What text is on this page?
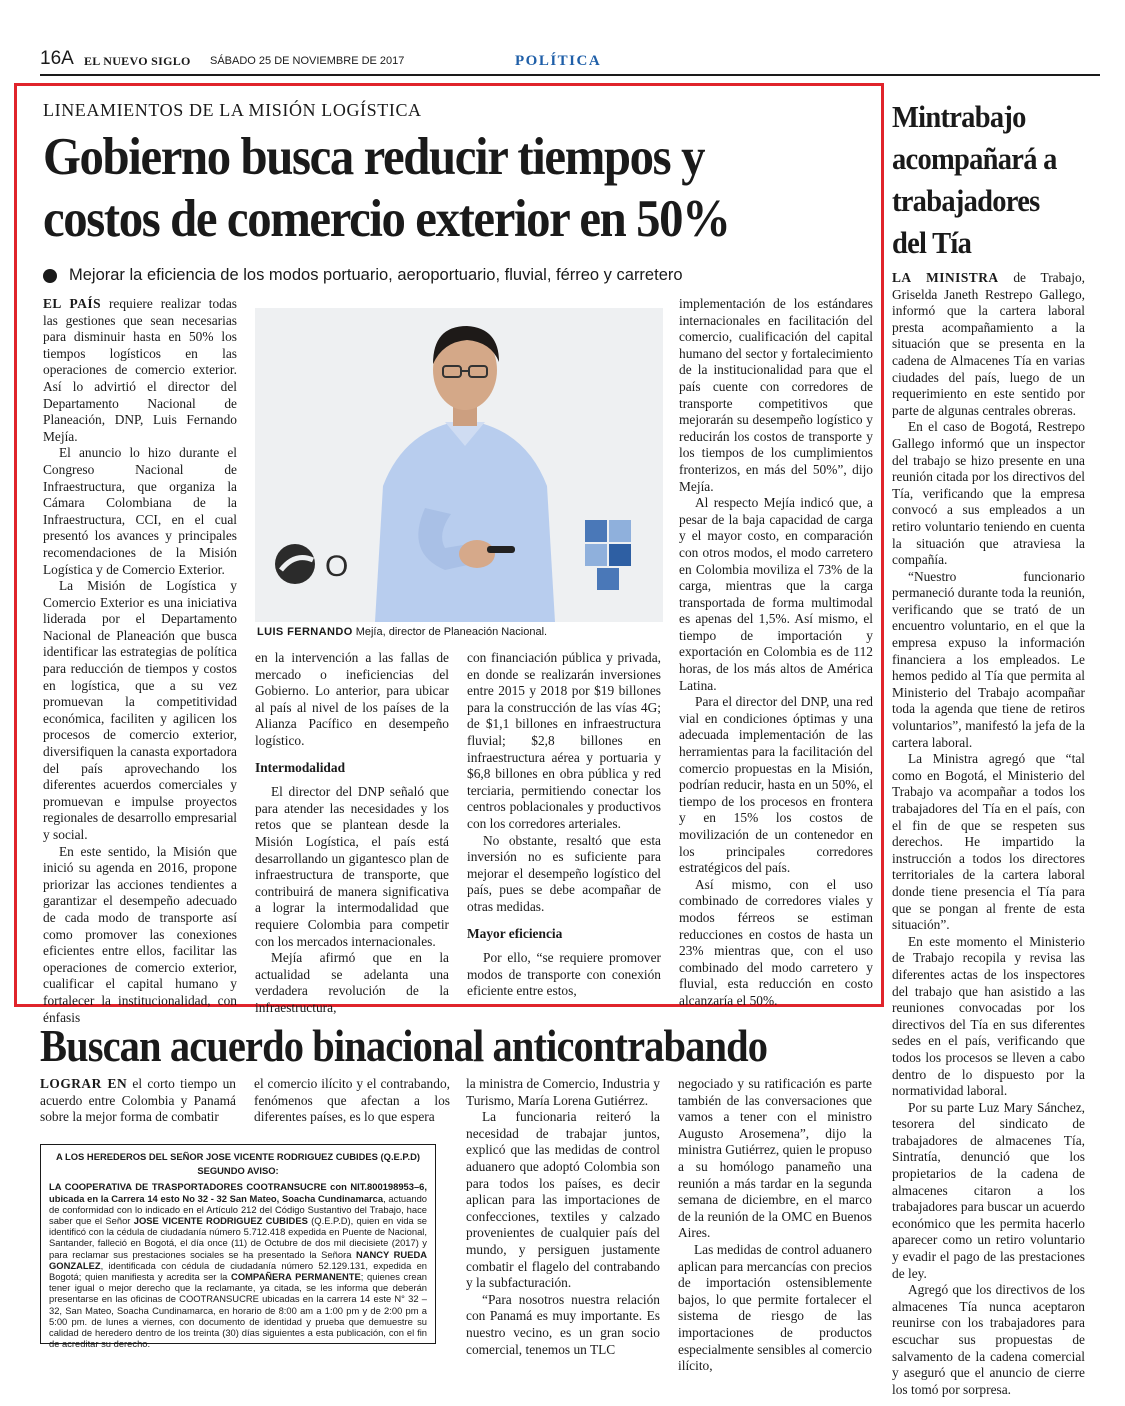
16A EL NUEVO SIGLO SÁBADO 25 DE NOVIEMBRE DE 2017	POLÍTICA
LINEAMIENTOS DE LA MISIÓN LOGÍSTICA
Gobierno busca reducir tiempos y
costos de comercio exterior en 50%
Mejorar la eficiencia de los modos portuario, aeroportuario, fluvial, férreo y carretero

EL PAÍS requiere realizar todas las gestiones que sean necesarias para disminuir hasta en 50% los tiempos logísticos en las operaciones de comercio exterior. Así lo advirtió el director del Departamento Nacional de Planeación, DNP, Luis Fernando Mejía.

El anuncio lo hizo durante el Congreso Nacional de Infraestructura, que organiza la Cámara Colombiana de la Infraestructura, CCI, en el cual presentó los avances y principales recomendaciones de la Misión Logística y de Comercio Exterior.

La Misión de Logística y Comercio Exterior es una iniciativa liderada por el Departamento Nacional de Planeación que busca identificar las estrategias de política para reducción de tiempos y costos en logística, que a su vez promuevan la competitividad económica, faciliten y agilicen los procesos de comercio exterior, diversifiquen la canasta exportadora del país aprovechando los diferentes acuerdos comerciales y promuevan e impulse proyectos regionales de desarrollo empresarial y social.

En este sentido, la Misión que inició su agenda en 2016, propone priorizar las acciones tendientes a garantizar el desempeño adecuado de cada modo de transporte así como promover las conexiones eficientes entre ellos, facilitar las operaciones de comercio exterior, cualificar el capital humano y fortalecer la institucionalidad, con énfasis

O
LUIS FERNANDO Mejía, director de Planeación Nacional.

en la intervención a las fallas de mercado o ineficiencias del Gobierno. Lo anterior, para ubicar al país al nivel de los países de la Alianza Pacífico en desempeño logístico.

Intermodalidad

El director del DNP señaló que para atender las necesidades y los retos que se plantean desde la Misión Logística, el país está desarrollando un gigantesco plan de infraestructura de transporte, que contribuirá de manera significativa a lograr la intermodalidad que requiere Colombia para competir con los mercados internacionales.

Mejía afirmó que en la actualidad se adelanta una verdadera revolución de la infraestructura,

con financiación pública y privada, en donde se realizarán inversiones entre 2015 y 2018 por $19 billones para la construcción de las vías 4G; de $1,1 billones en infraestructura fluvial; $2,8 billones en infraestructura aérea y portuaria y $6,8 billones en obra pública y red terciaria, permitiendo conectar los centros poblacionales y productivos con los corredores arteriales.

No obstante, resaltó que esta inversión no es suficiente para mejorar el desempeño logístico del país, pues se debe acompañar de otras medidas.

Mayor eficiencia

Por ello, “se requiere promover modos de transporte con conexión eficiente entre estos,

implementación de los estándares internacionales en facilitación del comercio, cualificación del capital humano del sector y fortalecimiento de la institucionalidad para que el país cuente con corredores de transporte competitivos que mejorarán su desempeño logístico y reducirán los costos de transporte y los tiempos de los cumplimientos fronterizos, en más del 50%”, dijo Mejía.

Al respecto Mejía indicó que, a pesar de la baja capacidad de carga y el mayor costo, en comparación con otros modos, el modo carretero en Colombia moviliza el 73% de la carga, mientras que la carga transportada de forma multimodal es apenas del 1,5%. Así mismo, el tiempo de importación y exportación en Colombia es de 112 horas, de los más altos de América Latina.

Para el director del DNP, una red vial en condiciones óptimas y una adecuada implementación de las herramientas para la facilitación del comercio propuestas en la Misión, podrían reducir, hasta en un 50%, el tiempo de los procesos en frontera y en 15% los costos de movilización de un contenedor en los principales corredores estratégicos del país.

Así mismo, con el uso combinado de corredores viales y modos férreos se estiman reducciones en costos de hasta un 23% mientras que, con el uso combinado del modo carretero y fluvial, esta reducción en costo alcanzaría el 50%.

Mintrabajo acompañará a trabajadores del Tía

LA MINISTRA de Trabajo, Griselda Janeth Restrepo Gallego, informó que la cartera laboral presta acompañamiento a la situación que se presenta en la cadena de Almacenes Tía en varias ciudades del país, luego de un requerimiento en este sentido por parte de algunas centrales obreras.

En el caso de Bogotá, Restrepo Gallego informó que un inspector del trabajo se hizo presente en una reunión citada por los directivos del Tía, verificando que la empresa convocó a sus empleados a un retiro voluntario teniendo en cuenta la situación que atraviesa la compañía.

“Nuestro funcionario permaneció durante toda la reunión, verificando que se trató de un encuentro voluntario, en el que la empresa expuso la información financiera a los empleados. Le hemos pedido al Tía que permita al Ministerio del Trabajo acompañar toda la agenda que tiene de retiros voluntarios”, manifestó la jefa de la cartera laboral.

La Ministra agregó que “tal como en Bogotá, el Ministerio del Trabajo va acompañar a todos los trabajadores del Tía en el país, con el fin de que se respeten sus derechos. He impartido la instrucción a todos los directores territoriales de la cartera laboral donde tiene presencia el Tía para que se pongan al frente de esta situación”.

En este momento el Ministerio de Trabajo recopila y revisa las diferentes actas de los inspectores del trabajo que han asistido a las reuniones convocadas por los directivos del Tía en sus diferentes sedes en el país, verificando que todos los procesos se lleven a cabo dentro de lo dispuesto por la normatividad laboral.

Por su parte Luz Mary Sánchez, tesorera del sindicato de trabajadores de almacenes Tía, Sintratía, denunció que los propietarios de la cadena de almacenes citaron a los trabajadores para buscar un acuerdo económico que les permita hacerlo aparecer como un retiro voluntario y evadir el pago de las prestaciones de ley.

Agregó que los directivos de los almacenes Tía nunca aceptaron reunirse con los trabajadores para escuchar sus propuestas de salvamento de la cadena comercial y aseguró que el anuncio de cierre los tomó por sorpresa.

Buscan acuerdo binacional anticontrabando

LOGRAR EN el corto tiempo un acuerdo entre Colombia y Panamá sobre la mejor forma de combatir

el comercio ilícito y el contrabando, fenómenos que afectan a los diferentes países, es lo que espera

la ministra de Comercio, Industria y Turismo, María Lorena Gutiérrez.

La funcionaria reiteró la necesidad de trabajar juntos, explicó que las medidas de control aduanero que adoptó Colombia son para todos los países, es decir aplican para las importaciones de confecciones, textiles y calzado provenientes de cualquier país del mundo, y persiguen justamente combatir el flagelo del contrabando y la subfacturación.

“Para nosotros nuestra relación con Panamá es muy importante. Es nuestro vecino, es un gran socio comercial, tenemos un TLC

negociado y su ratificación es parte también de las conversaciones que vamos a tener con el ministro Augusto Arosemena”, dijo la ministra Gutiérrez, quien le propuso a su homólogo panameño una reunión a más tardar en la segunda semana de diciembre, en el marco de la reunión de la OMC en Buenos Aires.

Las medidas de control aduanero aplican para mercancías con precios de importación ostensiblemente bajos, lo que permite fortalecer el sistema de riesgo de las importaciones de productos especialmente sensibles al comercio ilícito,

A LOS HEREDEROS DEL SEÑOR JOSE VICENTE RODRIGUEZ CUBIDES (Q.E.P.D)
SEGUNDO AVISO:
LA COOPERATIVA DE TRASPORTADORES COOTRANSUCRE con NIT.800198953–6, ubicada en la Carrera 14 esto No 32 - 32 San Mateo, Soacha Cundinamarca, actuando de conformidad con lo indicado en el Artículo 212 del Código Sustantivo del Trabajo, hace saber que el Señor JOSE VICENTE RODRIGUEZ CUBIDES (Q.E.P.D), quien en vida se identificó con la cédula de ciudadanía número 5.712.418 expedida en Puente de Nacional, Santander, falleció en Bogotá, el día once (11) de Octubre de dos mil diecisiete (2017) y para reclamar sus prestaciones sociales se ha presentado la Señora NANCY RUEDA GONZALEZ, identificada con cédula de ciudadanía número 52.129.131, expedida en Bogotá; quien manifiesta y acredita ser la COMPAÑERA PERMANENTE; quienes crean tener igual o mejor derecho que la reclamante, ya citada, se les informa que deberán presentarse en las oficinas de COOTRANSUCRE ubicadas en la carrera 14 este N° 32 – 32, San Mateo, Soacha Cundinamarca, en horario de 8:00 am a 1:00 pm y de 2:00 pm a 5:00 pm. de lunes a viernes, con documento de identidad y prueba que demuestre su calidad de heredero dentro de los treinta (30) días siguientes a esta publicación, con el fin de acreditar su derecho.
